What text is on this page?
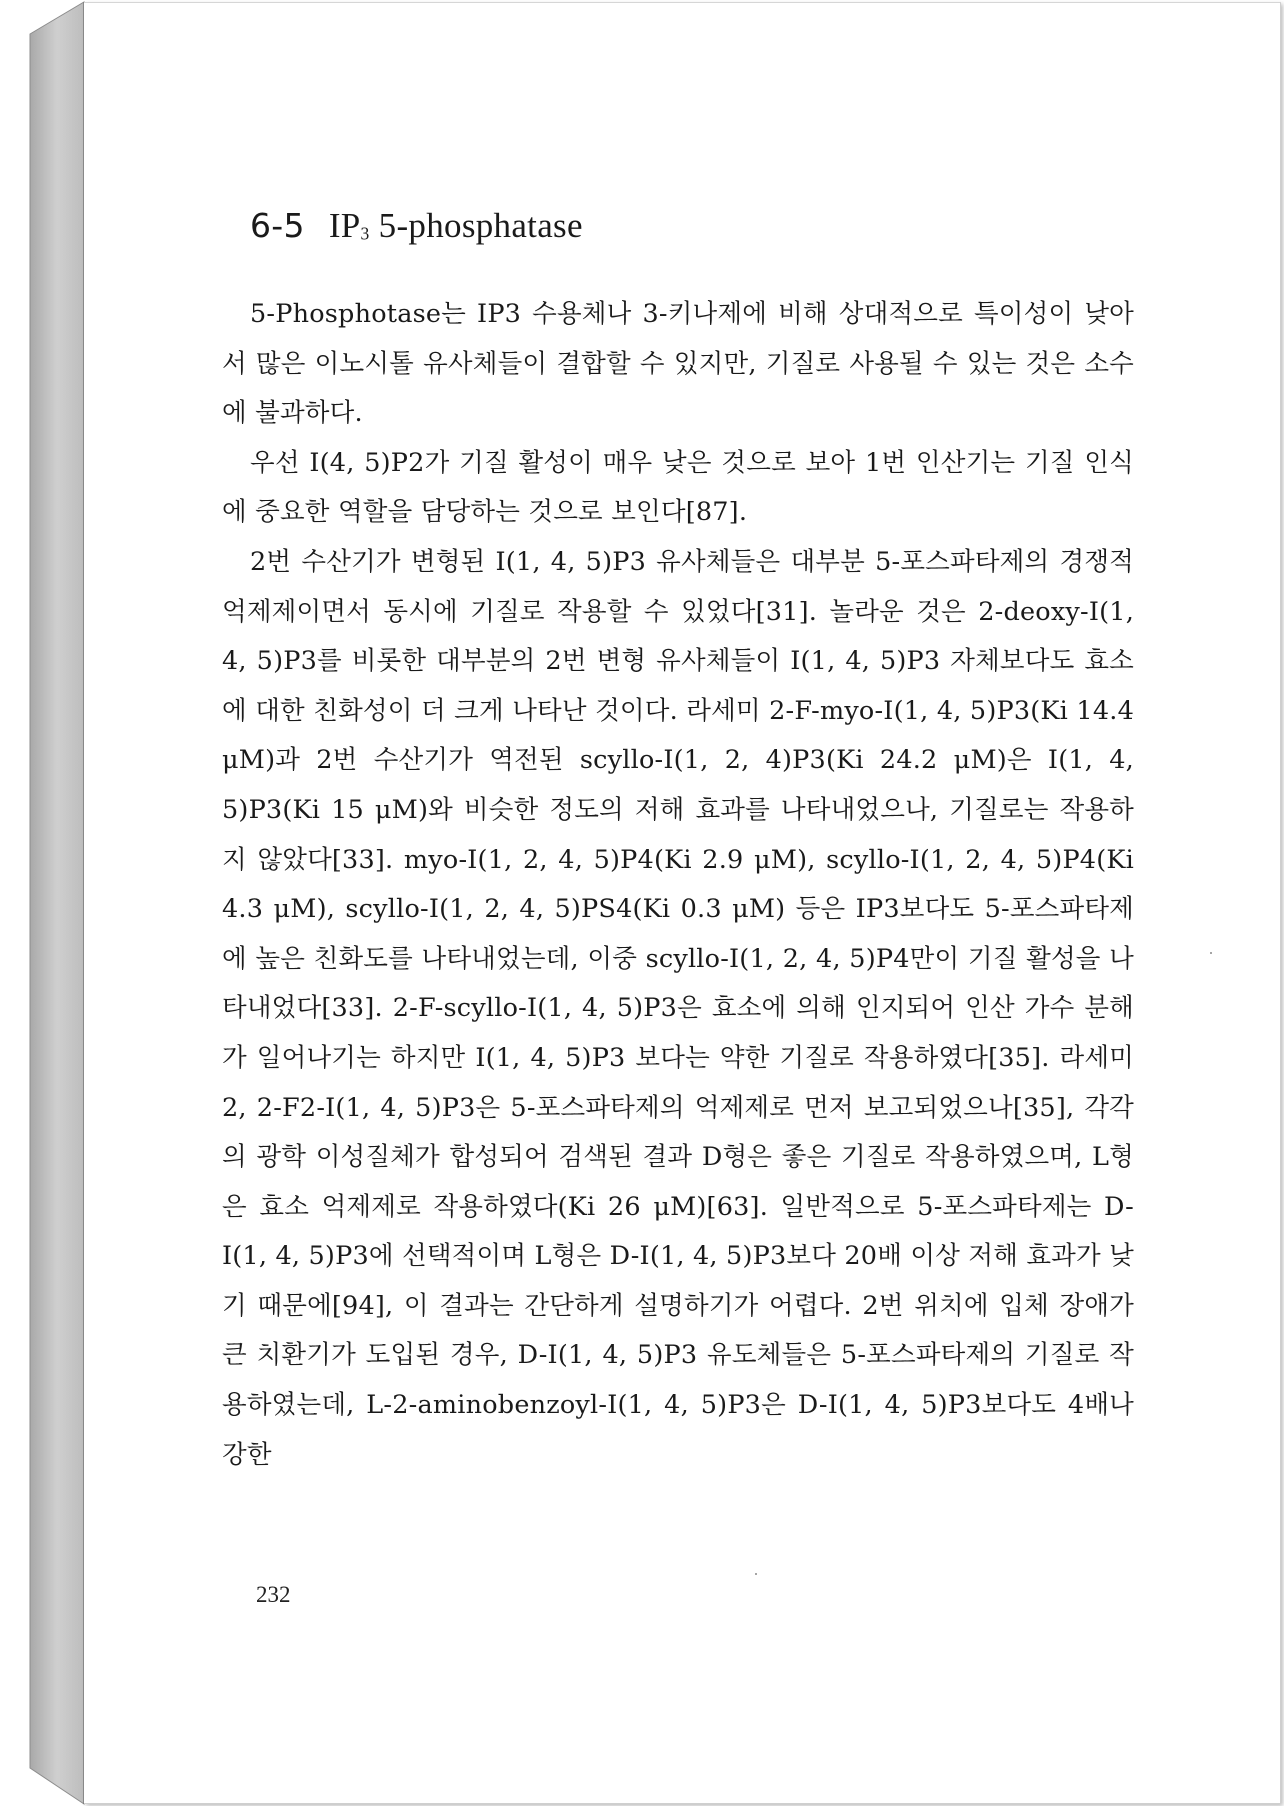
6-5 $IP_3$ 5-phosphatase

5-Phosphotase는 IP3 수용체나 3-키나제에 비해 상대적으로 특이성이 낮아서 많은 이노시톨 유사체들이 결합할 수 있지만, 기질로 사용될 수 있는 것은 소수에 불과하다.

우선 I(4, 5)P2가 기질 활성이 매우 낮은 것으로 보아 1번 인산기는 기질 인식에 중요한 역할을 담당하는 것으로 보인다[87].

2번 수산기가 변형된 I(1, 4, 5)P3 유사체들은 대부분 5-포스파타제의 경쟁적 억제제이면서 동시에 기질로 작용할 수 있었다[31]. 놀라운 것은 2-deoxy-I(1, 4, 5)P3를 비롯한 대부분의 2번 변형 유사체들이 I(1, 4, 5)P3 자체보다도 효소에 대한 친화성이 더 크게 나타난 것이다. 라세미 2-F-myo-I(1, 4, 5)P3(Ki 14.4 μM)과 2번 수산기가 역전된 scyllo-I(1, 2, 4)P3(Ki 24.2 μM)은 I(1, 4, 5)P3(Ki 15 μM)와 비슷한 정도의 저해 효과를 나타내었으나, 기질로는 작용하지 않았다[33]. myo-I(1, 2, 4, 5)P4(Ki 2.9 μM), scyllo-I(1, 2, 4, 5)P4(Ki 4.3 μM), scyllo-I(1, 2, 4, 5)PS4(Ki 0.3 μM) 등은 IP3보다도 5-포스파타제에 높은 친화도를 나타내었는데, 이중 scyllo-I(1, 2, 4, 5)P4만이 기질 활성을 나타내었다[33]. 2-F-scyllo-I(1, 4, 5)P3은 효소에 의해 인지되어 인산 가수 분해가 일어나기는 하지만 I(1, 4, 5)P3 보다는 약한 기질로 작용하였다[35]. 라세미 2, 2-F2-I(1, 4, 5)P3은 5-포스파타제의 억제제로 먼저 보고되었으나[35], 각각의 광학 이성질체가 합성되어 검색된 결과 D형은 좋은 기질로 작용하였으며, L형은 효소 억제제로 작용하였다(Ki 26 μM)[63]. 일반적으로 5-포스파타제는 D-I(1, 4, 5)P3에 선택적이며 L형은 D-I(1, 4, 5)P3보다 20배 이상 저해 효과가 낮기 때문에[94], 이 결과는 간단하게 설명하기가 어렵다. 2번 위치에 입체 장애가 큰 치환기가 도입된 경우, D-I(1, 4, 5)P3 유도체들은 5-포스파타제의 기질로 작용하였는데, L-2-aminobenzoyl-I(1, 4, 5)P3은 D-I(1, 4, 5)P3보다도 4배나 강한

232
